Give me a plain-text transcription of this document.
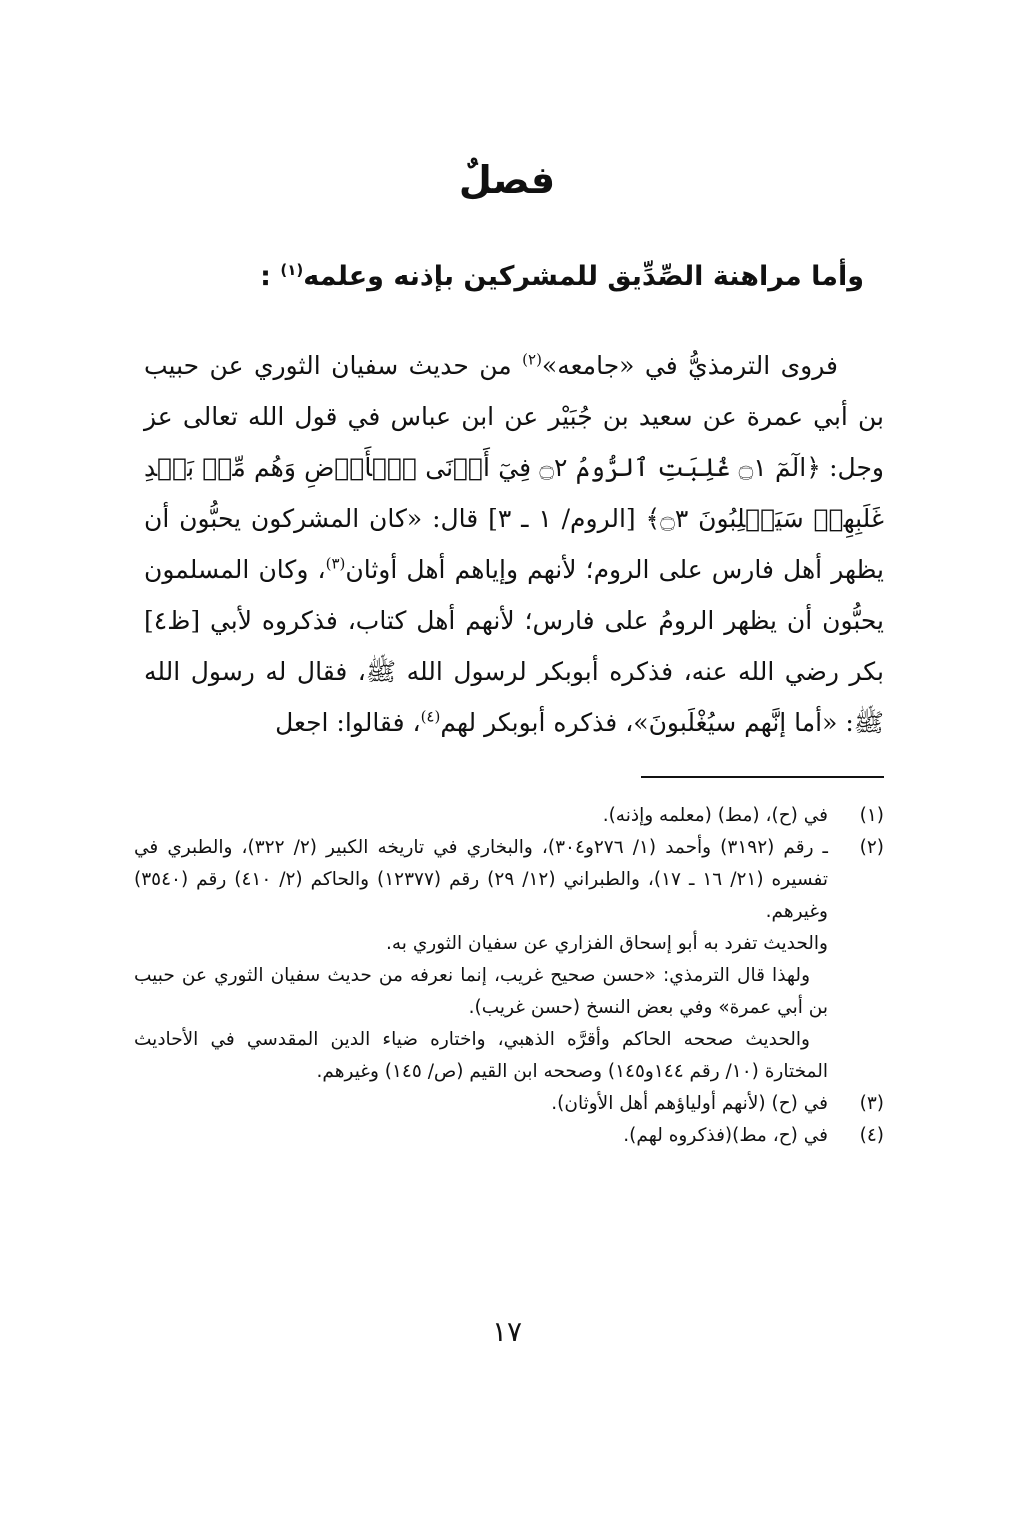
فصلٌ
وأما مراهنة الصِّدِّيق للمشركين بإذنه وعلمه$^{(١)}$ :

فروى الترمذيُّ في «جامعه»$^{(٢)}$ من حديث سفيان الثوري عن حبيب بن أبي عمرة عن سعيد بن جُبَيْر عن ابن عباس في قول الله تعالى عز وجل: ﴿الٓمٓ ۝١ غُلِبَتِ ٱلرُّومُ ۝٢ فِيٓ أَدۡنَى ٱلۡأَرۡضِ وَهُم مِّنۢ بَعۡدِ غَلَبِهِمۡ سَيَغۡلِبُونَ ۝٣﴾ [الروم/ ١ ـ ٣] قال: «كان المشركون يحبُّون أن يظهر أهل فارس على الروم؛ لأنهم وإياهم أهل أوثان$^{(٣)}$، وكان المسلمون يحبُّون أن يظهر الرومُ على فارس؛ لأنهم أهل كتاب، فذكروه لأبي [ظ٤] بكر رضي الله عنه، فذكره أبوبكر لرسول الله ﷺ، فقال له رسول الله ﷺ: «أما إنَّهم سيُغْلَبونَ»، فذكره أبوبكر لهم$^{(٤)}$، فقالوا: اجعل

(١)
في (ح)، (مط) (معلمه وإذنه).

(٢)
ـ رقم (٣١٩٢) وأحمد (١/ ٢٧٦و٣٠٤)، والبخاري في تاريخه الكبير (٢/ ٣٢٢)، والطبري في تفسيره (٢١/ ١٦ ـ ١٧)، والطبراني (١٢/ ٢٩) رقم (١٢٣٧٧) والحاكم (٢/ ٤١٠) رقم (٣٥٤٠) وغيرهم.

والحديث تفرد به أبو إسحاق الفزاري عن سفيان الثوري به.

ولهذا قال الترمذي: «حسن صحيح غريب، إنما نعرفه من حديث سفيان الثوري عن حبيب بن أبي عمرة» وفي بعض النسخ (حسن غريب).

والحديث صححه الحاكم وأقرَّه الذهبي، واختاره ضياء الدين المقدسي في الأحاديث المختارة (١٠/ رقم ١٤٤و١٤٥) وصححه ابن القيم (ص/ ١٤٥) وغيرهم.

(٣)
في (ح) (لأنهم أولياؤهم أهل الأوثان).

(٤)
في (ح، مط)(فذكروه لهم).

١٧
